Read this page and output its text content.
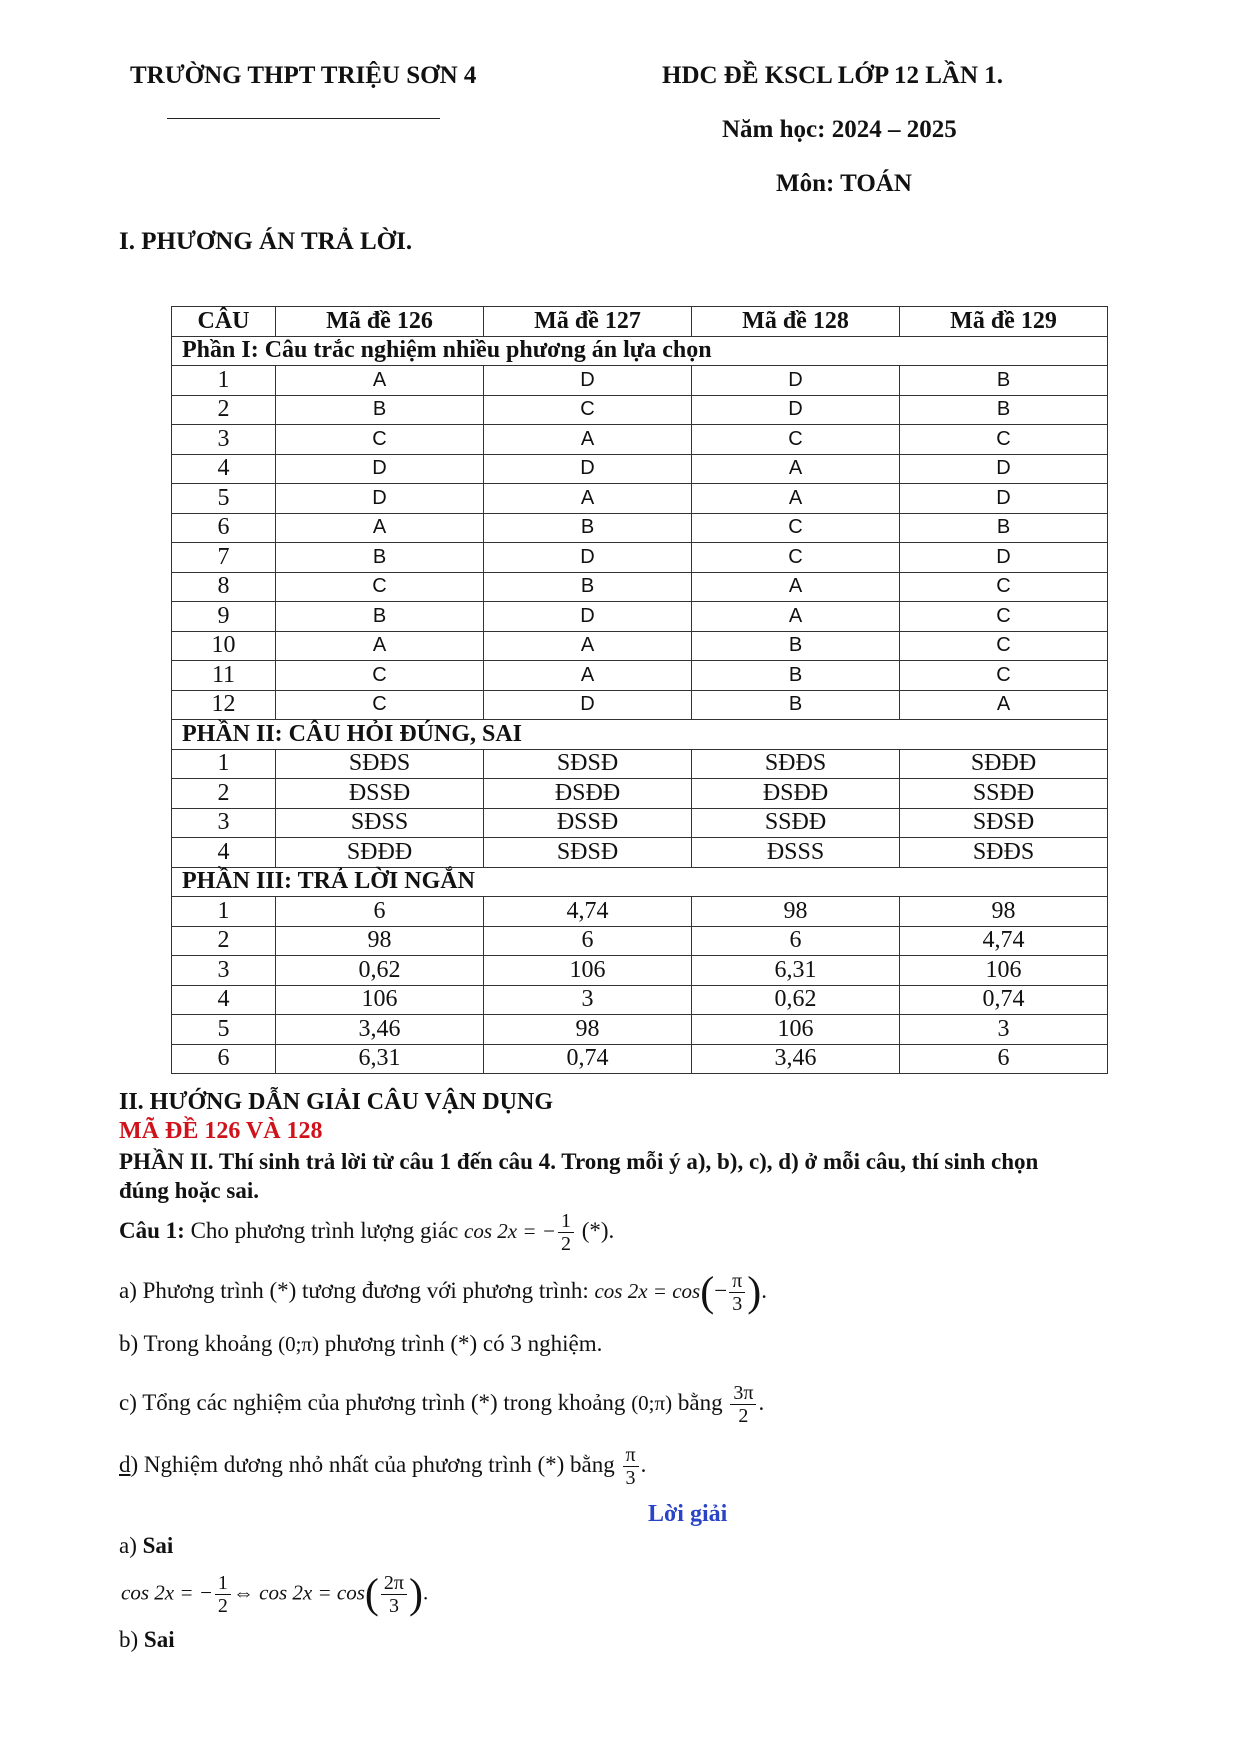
TRƯỜNG THPT TRIỆU SƠN 4	HDC ĐỀ KSCL LỚP 12 LẦN 1.
Năm học: 2024 – 2025
Môn: TOÁN
I. PHƯƠNG ÁN TRẢ LỜI.
CÂU	Mã đề 126	Mã đề 127	Mã đề 128	Mã đề 129
Phần I: Câu trắc nghiệm nhiều phương án lựa chọn				
1	A	D	D	B
2	B	C	D	B
3	C	A	C	C
4	D	D	A	D
5	D	A	A	D
6	A	B	C	B
7	B	D	C	D
8	C	B	A	C
9	B	D	A	C
10	A	A	B	C
11	C	A	B	C
12	C	D	B	A
PHẦN II: CÂU HỎI ĐÚNG, SAI				
1	SĐĐS	SĐSĐ	SĐĐS	SĐĐĐ
2	ĐSSĐ	ĐSĐĐ	ĐSĐĐ	SSĐĐ
3	SĐSS	ĐSSĐ	SSĐĐ	SĐSĐ
4	SĐĐĐ	SĐSĐ	ĐSSS	SĐĐS
PHẦN III: TRẢ LỜI NGẮN				
1	6	4,74	98	98
2	98	6	6	4,74
3	0,62	106	6,31	106
4	106	3	0,62	0,74
5	3,46	98	106	3
6	6,31	0,74	3,46	6
II. HƯỚNG DẪN GIẢI CÂU VẬN DỤNG
MÃ ĐỀ 126 VÀ 128
PHẦN II. Thí sinh trả lời từ câu 1 đến câu 4. Trong mỗi ý a), b), c), d) ở mỗi câu, thí sinh chọn
đúng hoặc sai.
Câu 1: Cho phương trình lượng giác cos 2x = − $\frac{1}{2}$ (*).
a) Phương trình (*) tương đương với phương trình: $\cos 2x = \cos(- \frac{\pi}{3}$ ).
b) Trong khoảng (0;π) phương trình (*) có 3 nghiệm.
c) Tổng các nghiệm của phương trình (*) trong khoảng (0;π) bằng $\frac{3\pi}{2}$ .
d) Nghiệm dương nhỏ nhất của phương trình (*) bằng $\frac{\pi}{3}$ .
Lời giải
a) Sai
cos 2x = − $\frac{1}{2}$ ⇔ $\cos 2x = \cos( \frac{2\pi}{3}$ ).
b) Sai
